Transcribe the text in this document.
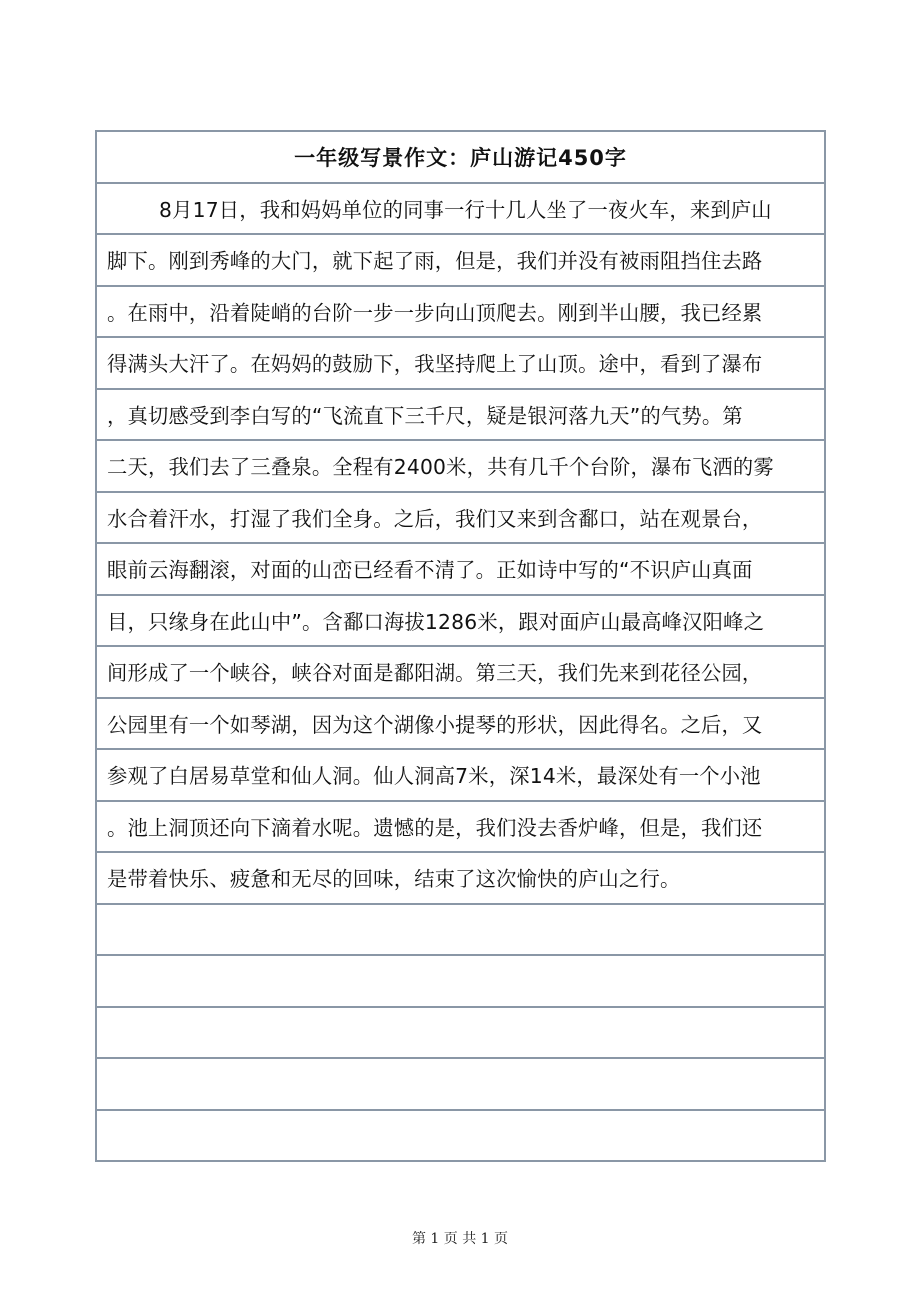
一年级写景作文：庐山游记450字
8月17日，我和妈妈单位的同事一行十几人坐了一夜火车，来到庐山
脚下。刚到秀峰的大门，就下起了雨，但是，我们并没有被雨阻挡住去路
。在雨中，沿着陡峭的台阶一步一步向山顶爬去。刚到半山腰，我已经累
得满头大汗了。在妈妈的鼓励下，我坚持爬上了山顶。途中，看到了瀑布
，真切感受到李白写的“飞流直下三千尺，疑是银河落九天”的气势。第
二天，我们去了三叠泉。全程有2400米，共有几千个台阶，瀑布飞洒的雾
水合着汗水，打湿了我们全身。之后，我们又来到含鄱口，站在观景台，
眼前云海翻滚，对面的山峦已经看不清了。正如诗中写的“不识庐山真面
目，只缘身在此山中”。含鄱口海拔1286米，跟对面庐山最高峰汉阳峰之
间形成了一个峡谷，峡谷对面是鄱阳湖。第三天，我们先来到花径公园，
公园里有一个如琴湖，因为这个湖像小提琴的形状，因此得名。之后，又
参观了白居易草堂和仙人洞。仙人洞高7米，深14米，最深处有一个小池
。池上洞顶还向下滴着水呢。遗憾的是，我们没去香炉峰，但是，我们还
是带着快乐、疲惫和无尽的回味，结束了这次愉快的庐山之行。
第 1 页 共 1 页
